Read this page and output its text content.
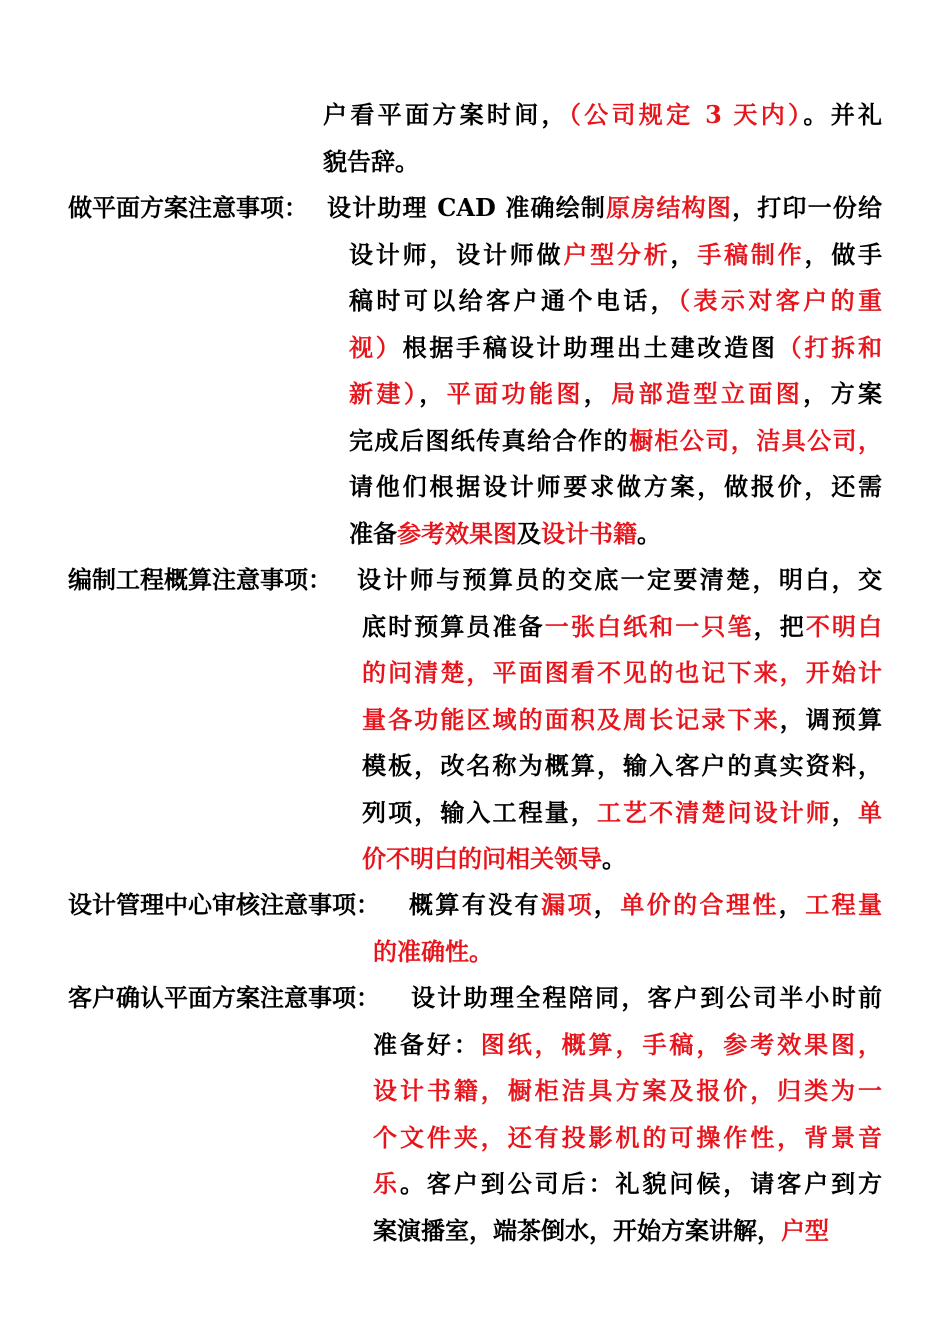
户看平面方案时间，（公司规定 3 天内）。并礼
貌告辞。
做平面方案注意事项： 设计助理 CAD 准确绘制原房结构图，打印一份给
设计师，设计师做户型分析，手稿制作，做手
稿时可以给客户通个电话，（表示对客户的重
视）根据手稿设计助理出土建改造图（打拆和
新建），平面功能图，局部造型立面图，方案
完成后图纸传真给合作的橱柜公司，洁具公司，
请他们根据设计师要求做方案，做报价，还需
准备参考效果图及设计书籍。
编制工程概算注意事项： 设计师与预算员的交底一定要清楚，明白，交
底时预算员准备一张白纸和一只笔，把不明白
的问清楚，平面图看不见的也记下来，开始计
量各功能区域的面积及周长记录下来，调预算
模板，改名称为概算，输入客户的真实资料，
列项，输入工程量，工艺不清楚问设计师，单
价不明白的问相关领导。
设计管理中心审核注意事项： 概算有没有漏项，单价的合理性，工程量
的准确性。
客户确认平面方案注意事项： 设计助理全程陪同，客户到公司半小时前
准备好：图纸，概算，手稿，参考效果图，
设计书籍，橱柜洁具方案及报价，归类为一
个文件夹，还有投影机的可操作性，背景音
乐。客户到公司后：礼貌问候，请客户到方
案演播室，端茶倒水，开始方案讲解，户型
